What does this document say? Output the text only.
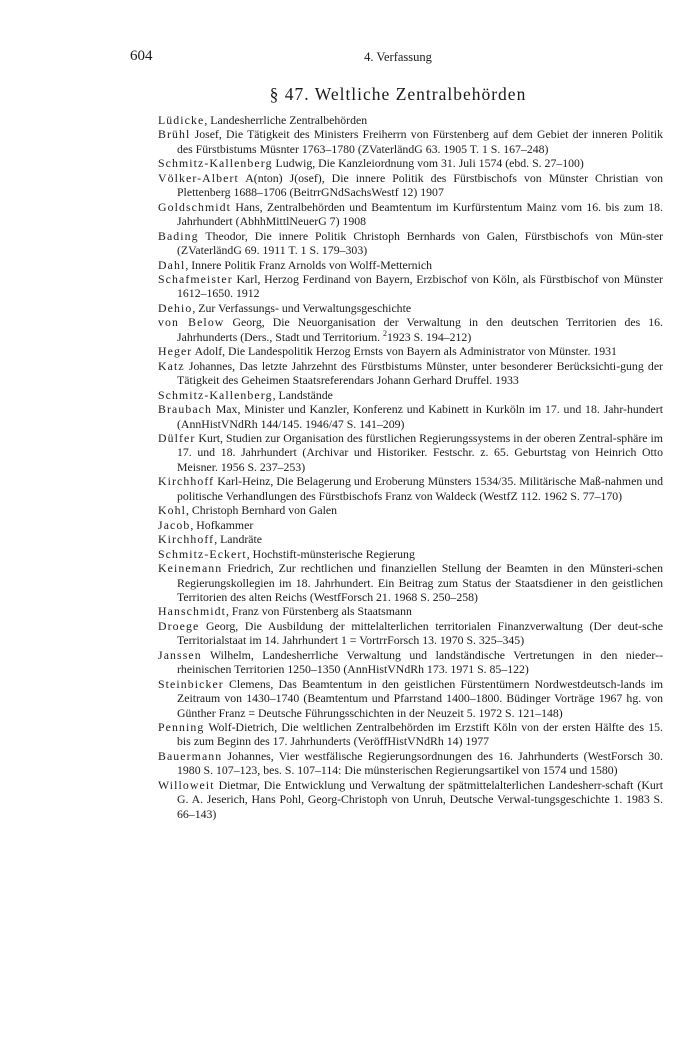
604	4. Verfassung
§ 47. Weltliche Zentralbehörden
Lüdicke, Landesherrliche Zentralbehörden
Brühl Josef, Die Tätigkeit des Ministers Freiherrn von Fürstenberg auf dem Gebiet der inneren Politik des Fürstbistums Müsnter 1763–1780 (ZVaterländG 63. 1905 T. 1 S. 167–248)
Schmitz-Kallenberg Ludwig, Die Kanzleiordnung vom 31. Juli 1574 (ebd. S. 27–100)
Völker-Albert A(nton) J(osef), Die innere Politik des Fürstbischofs von Münster Christian von Plettenberg 1688–1706 (BeitrrGNdSachsWestf 12) 1907
Goldschmidt Hans, Zentralbehörden und Beamtentum im Kurfürstentum Mainz vom 16. bis zum 18. Jahrhundert (AbhhMittlNeuerG 7) 1908
Bading Theodor, Die innere Politik Christoph Bernhards von Galen, Fürstbischofs von Mün-ster (ZVaterländG 69. 1911 T. 1 S. 179–303)
Dahl, Innere Politik Franz Arnolds von Wolff-Metternich
Schafmeister Karl, Herzog Ferdinand von Bayern, Erzbischof von Köln, als Fürstbischof von Münster 1612–1650. 1912
Dehio, Zur Verfassungs- und Verwaltungsgeschichte
von Below Georg, Die Neuorganisation der Verwaltung in den deutschen Territorien des 16. Jahrhunderts (Ders., Stadt und Territorium. $^2$1923 S. 194–212)
Heger Adolf, Die Landespolitik Herzog Ernsts von Bayern als Administrator von Münster. 1931
Katz Johannes, Das letzte Jahrzehnt des Fürstbistums Münster, unter besonderer Berücksichti-gung der Tätigkeit des Geheimen Staatsreferendars Johann Gerhard Druffel. 1933
Schmitz-Kallenberg, Landstände
Braubach Max, Minister und Kanzler, Konferenz und Kabinett in Kurköln im 17. und 18. Jahr-hundert (AnnHistVNdRh 144/145. 1946/47 S. 141–209)
Dülfer Kurt, Studien zur Organisation des fürstlichen Regierungssystems in der oberen Zentral-sphäre im 17. und 18. Jahrhundert (Archivar und Historiker. Festschr. z. 65. Geburtstag von Heinrich Otto Meisner. 1956 S. 237–253)
Kirchhoff Karl-Heinz, Die Belagerung und Eroberung Münsters 1534/35. Militärische Maß-nahmen und politische Verhandlungen des Fürstbischofs Franz von Waldeck (WestfZ 112. 1962 S. 77–170)
Kohl, Christoph Bernhard von Galen
Jacob, Hofkammer
Kirchhoff, Landräte
Schmitz-Eckert, Hochstift-münsterische Regierung
Keinemann Friedrich, Zur rechtlichen und finanziellen Stellung der Beamten in den Münsteri-schen Regierungskollegien im 18. Jahrhundert. Ein Beitrag zum Status der Staatsdiener in den geistlichen Territorien des alten Reichs (WestfForsch 21. 1968 S. 250–258)
Hanschmidt, Franz von Fürstenberg als Staatsmann
Droege Georg, Die Ausbildung der mittelalterlichen territorialen Finanzverwaltung (Der deut-sche Territorialstaat im 14. Jahrhundert 1 = VortrrForsch 13. 1970 S. 325–345)
Janssen Wilhelm, Landesherrliche Verwaltung und landständische Vertretungen in den nieder-rheinischen Territorien 1250–1350 (AnnHistVNdRh 173. 1971 S. 85–122)
Steinbicker Clemens, Das Beamtentum in den geistlichen Fürstentümern Nordwestdeutsch-lands im Zeitraum von 1430–1740 (Beamtentum und Pfarrstand 1400–1800. Büdinger Vorträge 1967 hg. von Günther Franz = Deutsche Führungsschichten in der Neuzeit 5. 1972 S. 121–148)
Penning Wolf-Dietrich, Die weltlichen Zentralbehörden im Erzstift Köln von der ersten Hälfte des 15. bis zum Beginn des 17. Jahrhunderts (VeröffHistVNdRh 14) 1977
Bauermann Johannes, Vier westfälische Regierungsordnungen des 16. Jahrhunderts (WestForsch 30. 1980 S. 107–123, bes. S. 107–114: Die münsterischen Regierungsartikel von 1574 und 1580)
Willoweit Dietmar, Die Entwicklung und Verwaltung der spätmittelalterlichen Landesherr-schaft (Kurt G. A. Jeserich, Hans Pohl, Georg-Christoph von Unruh, Deutsche Verwal-tungsgeschichte 1. 1983 S. 66–143)
